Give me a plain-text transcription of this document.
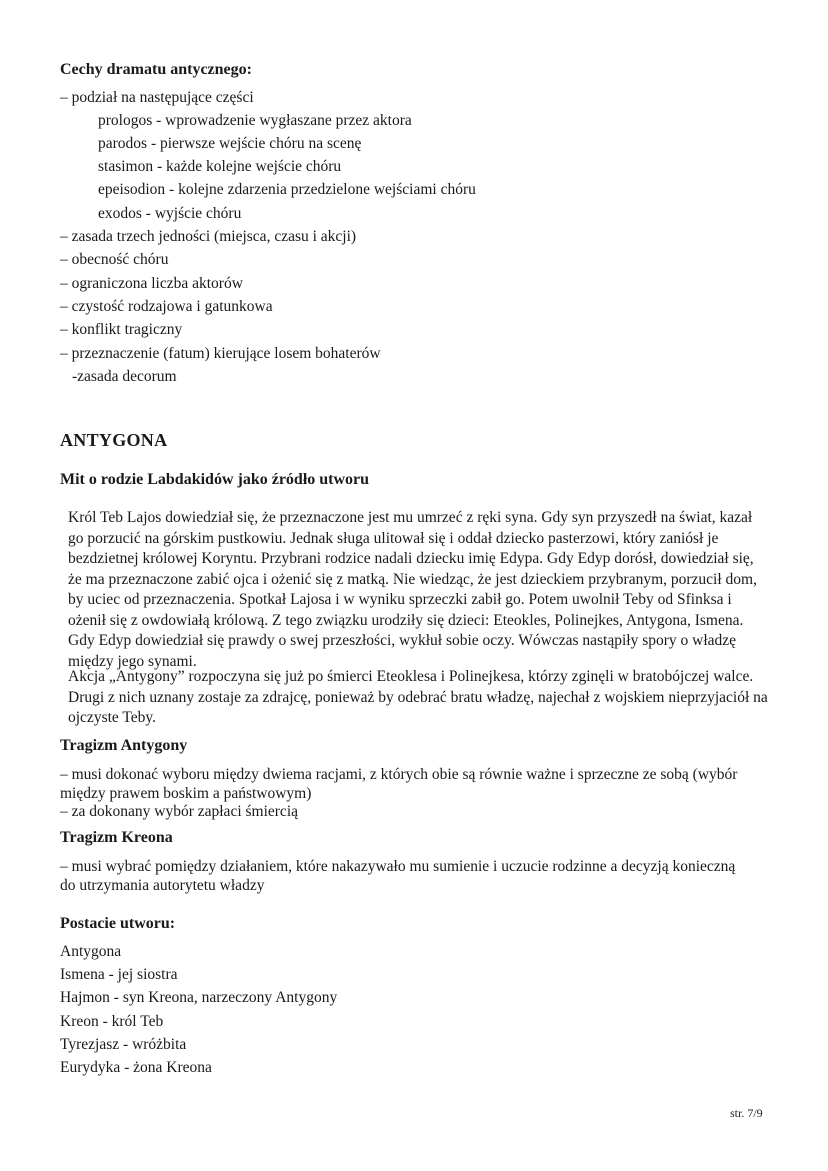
Cechy dramatu antycznego:
– podział na następujące części
prologos - wprowadzenie wygłaszane przez aktora
parodos - pierwsze wejście chóru na scenę
stasimon - każde kolejne wejście chóru
epeisodion - kolejne zdarzenia przedzielone wejściami chóru
exodos - wyjście chóru
– zasada trzech jedności (miejsca, czasu i akcji)
– obecność chóru
– ograniczona liczba aktorów
– czystość rodzajowa i gatunkowa
– konflikt tragiczny
– przeznaczenie (fatum) kierujące losem bohaterów
-zasada decorum
ANTYGONA
Mit o rodzie Labdakidów jako źródło utworu
Król Teb Lajos dowiedział się, że przeznaczone jest mu umrzeć z ręki syna. Gdy syn przyszedł na świat, kazał go porzucić na górskim pustkowiu. Jednak sługa ulitował się i oddał dziecko pasterzowi, który zaniósł je bezdzietnej królowej Koryntu. Przybrani rodzice nadali dziecku imię Edypa. Gdy Edyp dorósł, dowiedział się, że ma przeznaczone zabić ojca i ożenić się z matką. Nie wiedząc, że jest dzieckiem przybranym, porzucił dom, by uciec od przeznaczenia. Spotkał Lajosa i w wyniku sprzeczki zabił go. Potem uwolnił Teby od Sfinksa i ożenił się z owdowiałą królową. Z tego związku urodziły się dzieci: Eteokles, Polinejkes, Antygona, Ismena. Gdy Edyp dowiedział się prawdy o swej przeszłości, wykłuł sobie oczy. Wówczas nastąpiły spory o władzę między jego synami.
Akcja „Antygony” rozpoczyna się już po śmierci Eteoklesa i Polinejkesa, którzy zginęli w bratobójczej walce. Drugi z nich uznany zostaje za zdrajcę, ponieważ by odebrać bratu władzę, najechał z wojskiem nieprzyjaciół na ojczyste Teby.
Tragizm Antygony
– musi dokonać wyboru między dwiema racjami, z których obie są równie ważne i sprzeczne ze sobą (wybór między prawem boskim a państwowym)
– za dokonany wybór zapłaci śmiercią
Tragizm Kreona
– musi wybrać pomiędzy działaniem, które nakazywało mu sumienie i uczucie rodzinne a decyzją konieczną do utrzymania autorytetu władzy
Postacie utworu:
Antygona
Ismena - jej siostra
Hajmon - syn Kreona, narzeczony Antygony
Kreon - król Teb
Tyrezjasz - wróżbita
Eurydyka - żona Kreona
str. 7/9
